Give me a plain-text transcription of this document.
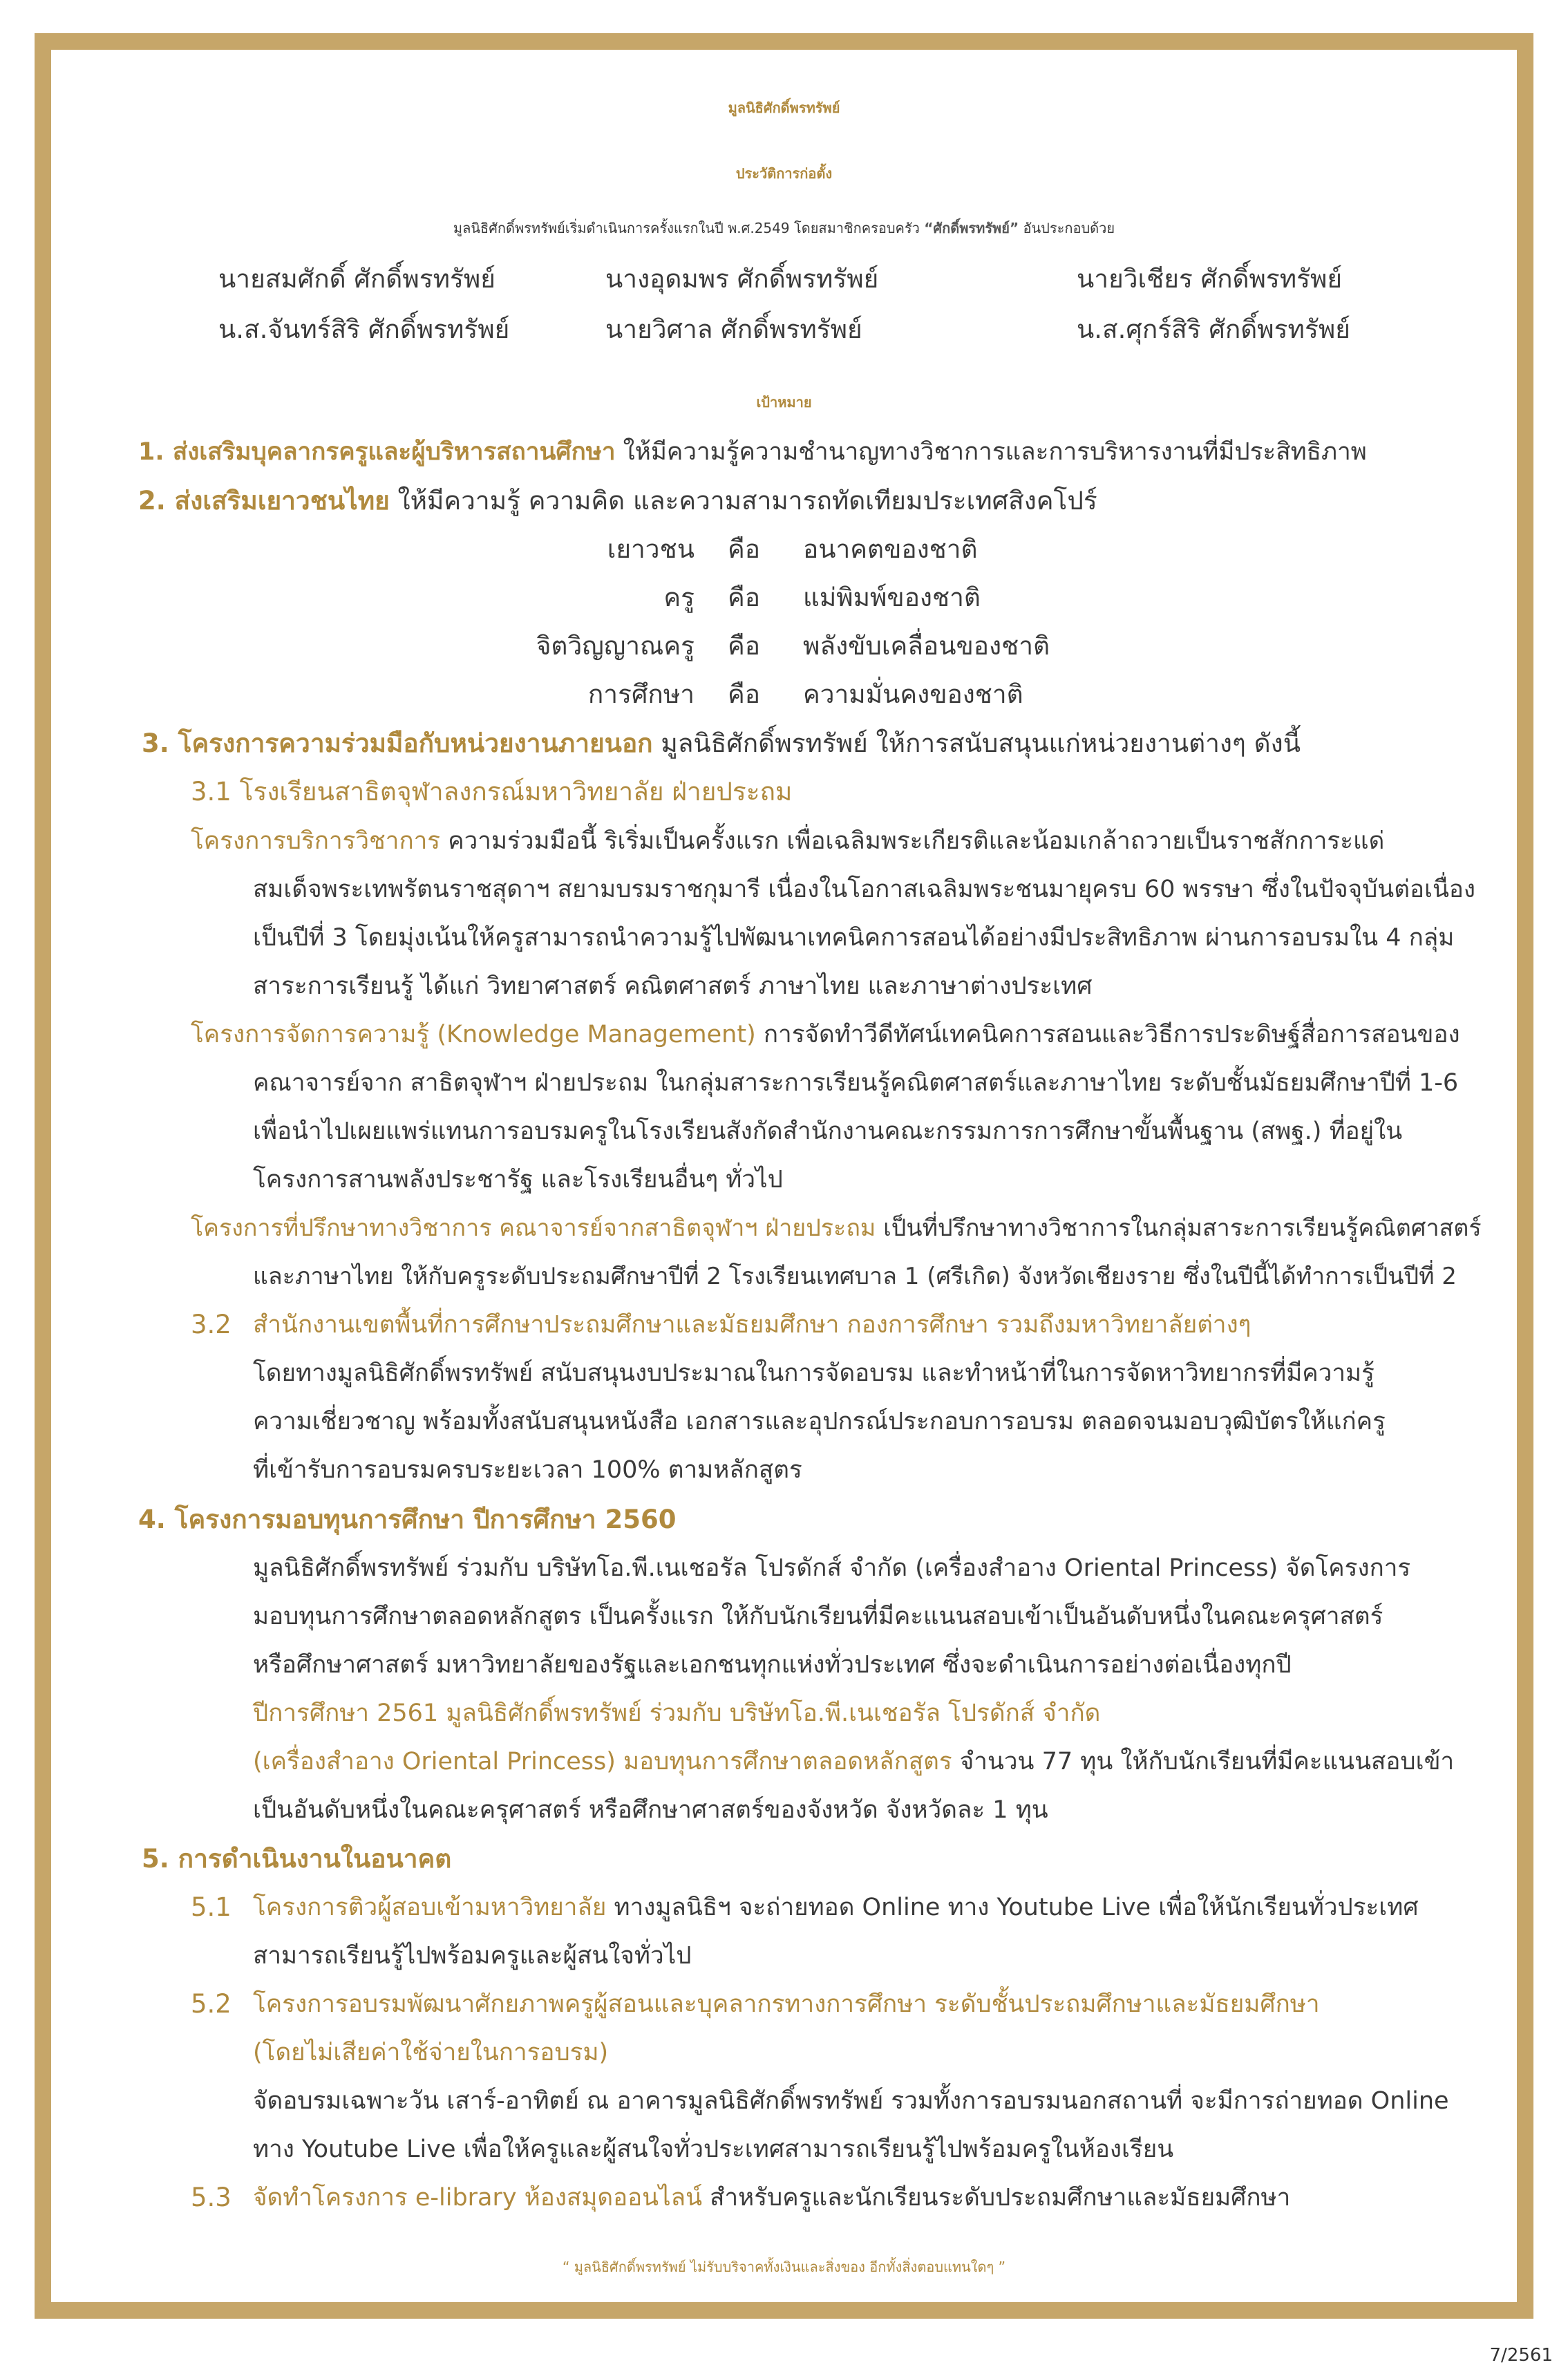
มูลนิธิศักดิ์พรทรัพย์
ประวัติการก่อตั้ง
มูลนิธิศักดิ์พรทรัพย์เริ่มดำเนินการครั้งแรกในปี พ.ศ.2549 โดยสมาชิกครอบครัว “ศักดิ์พรทรัพย์” อันประกอบด้วย
นายสมศักดิ์ ศักดิ์พรทรัพย์	นางอุดมพร ศักดิ์พรทรัพย์	นายวิเชียร ศักดิ์พรทรัพย์
น.ส.จันทร์สิริ ศักดิ์พรทรัพย์	นายวิศาล ศักดิ์พรทรัพย์	น.ส.ศุกร์สิริ ศักดิ์พรทรัพย์
เป้าหมาย
1. ส่งเสริมบุคลากรครูและผู้บริหารสถานศึกษา ให้มีความรู้ความชำนาญทางวิชาการและการบริหารงานที่มีประสิทธิภาพ
2. ส่งเสริมเยาวชนไทย ให้มีความรู้ ความคิด และความสามารถทัดเทียมประเทศสิงคโปร์
เยาวชน คือ อนาคตของชาติ
ครู คือ แม่พิมพ์ของชาติ
จิตวิญญาณครู คือ พลังขับเคลื่อนของชาติ
การศึกษา คือ ความมั่นคงของชาติ
3. โครงการความร่วมมือกับหน่วยงานภายนอก มูลนิธิศักดิ์พรทรัพย์ ให้การสนับสนุนแก่หน่วยงานต่างๆ ดังนี้
3.1 โรงเรียนสาธิตจุฬาลงกรณ์มหาวิทยาลัย ฝ่ายประถม
โครงการบริการวิชาการ ความร่วมมือนี้ ริเริ่มเป็นครั้งแรก เพื่อเฉลิมพระเกียรติและน้อมเกล้าถวายเป็นราชสักการะแด่
สมเด็จพระเทพรัตนราชสุดาฯ สยามบรมราชกุมารี เนื่องในโอกาสเฉลิมพระชนมายุครบ 60 พรรษา ซึ่งในปัจจุบันต่อเนื่อง
เป็นปีที่ 3 โดยมุ่งเน้นให้ครูสามารถนำความรู้ไปพัฒนาเทคนิคการสอนได้อย่างมีประสิทธิภาพ ผ่านการอบรมใน 4 กลุ่ม
สาระการเรียนรู้ ได้แก่ วิทยาศาสตร์ คณิตศาสตร์ ภาษาไทย และภาษาต่างประเทศ
โครงการจัดการความรู้ (Knowledge Management) การจัดทำวีดีทัศน์เทคนิคการสอนและวิธีการประดิษฐ์สื่อการสอนของ
คณาจารย์จาก สาธิตจุฬาฯ ฝ่ายประถม ในกลุ่มสาระการเรียนรู้คณิตศาสตร์และภาษาไทย ระดับชั้นมัธยมศึกษาปีที่ 1-6
เพื่อนำไปเผยแพร่แทนการอบรมครูในโรงเรียนสังกัดสำนักงานคณะกรรมการการศึกษาขั้นพื้นฐาน (สพฐ.) ที่อยู่ใน
โครงการสานพลังประชารัฐ และโรงเรียนอื่นๆ ทั่วไป
โครงการที่ปรึกษาทางวิชาการ คณาจารย์จากสาธิตจุฬาฯ ฝ่ายประถม เป็นที่ปรึกษาทางวิชาการในกลุ่มสาระการเรียนรู้คณิตศาสตร์
และภาษาไทย ให้กับครูระดับประถมศึกษาปีที่ 2 โรงเรียนเทศบาล 1 (ศรีเกิด) จังหวัดเชียงราย ซึ่งในปีนี้ได้ทำการเป็นปีที่ 2
3.2 สำนักงานเขตพื้นที่การศึกษาประถมศึกษาและมัธยมศึกษา กองการศึกษา รวมถึงมหาวิทยาลัยต่างๆ
โดยทางมูลนิธิศักดิ์พรทรัพย์ สนับสนุนงบประมาณในการจัดอบรม และทำหน้าที่ในการจัดหาวิทยากรที่มีความรู้
ความเชี่ยวชาญ พร้อมทั้งสนับสนุนหนังสือ เอกสารและอุปกรณ์ประกอบการอบรม ตลอดจนมอบวุฒิบัตรให้แก่ครู
ที่เข้ารับการอบรมครบระยะเวลา 100% ตามหลักสูตร
4. โครงการมอบทุนการศึกษา ปีการศึกษา 2560
มูลนิธิศักดิ์พรทรัพย์ ร่วมกับ บริษัทโอ.พี.เนเชอรัล โปรดักส์ จำกัด (เครื่องสำอาง Oriental Princess) จัดโครงการ
มอบทุนการศึกษาตลอดหลักสูตร เป็นครั้งแรก ให้กับนักเรียนที่มีคะแนนสอบเข้าเป็นอันดับหนึ่งในคณะครุศาสตร์
หรือศึกษาศาสตร์ มหาวิทยาลัยของรัฐและเอกชนทุกแห่งทั่วประเทศ ซึ่งจะดำเนินการอย่างต่อเนื่องทุกปี
ปีการศึกษา 2561 มูลนิธิศักดิ์พรทรัพย์ ร่วมกับ บริษัทโอ.พี.เนเชอรัล โปรดักส์ จำกัด
(เครื่องสำอาง Oriental Princess) มอบทุนการศึกษาตลอดหลักสูตร จำนวน 77 ทุน ให้กับนักเรียนที่มีคะแนนสอบเข้า
เป็นอันดับหนึ่งในคณะครุศาสตร์ หรือศึกษาศาสตร์ของจังหวัด จังหวัดละ 1 ทุน
5. การดำเนินงานในอนาคต
5.1 โครงการติวผู้สอบเข้ามหาวิทยาลัย ทางมูลนิธิฯ จะถ่ายทอด Online ทาง Youtube Live เพื่อให้นักเรียนทั่วประเทศ
สามารถเรียนรู้ไปพร้อมครูและผู้สนใจทั่วไป
5.2 โครงการอบรมพัฒนาศักยภาพครูผู้สอนและบุคลากรทางการศึกษา ระดับชั้นประถมศึกษาและมัธยมศึกษา
(โดยไม่เสียค่าใช้จ่ายในการอบรม)
จัดอบรมเฉพาะวัน เสาร์-อาทิตย์ ณ อาคารมูลนิธิศักดิ์พรทรัพย์ รวมทั้งการอบรมนอกสถานที่ จะมีการถ่ายทอด Online
ทาง Youtube Live เพื่อให้ครูและผู้สนใจทั่วประเทศสามารถเรียนรู้ไปพร้อมครูในห้องเรียน
5.3 จัดทำโครงการ e-library ห้องสมุดออนไลน์ สำหรับครูและนักเรียนระดับประถมศึกษาและมัธยมศึกษา
“ มูลนิธิศักดิ์พรทรัพย์ ไม่รับบริจาคทั้งเงินและสิ่งของ อีกทั้งสิ่งตอบแทนใดๆ ”
7/2561
